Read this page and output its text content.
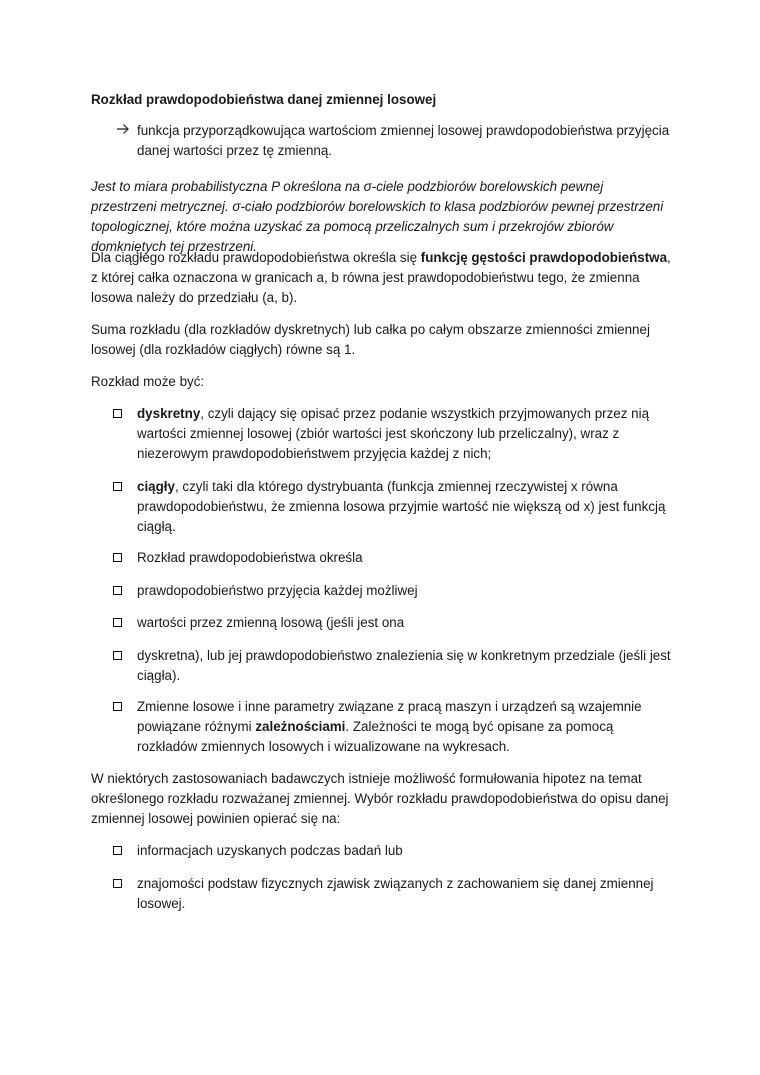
Rozkład prawdopodobieństwa danej zmiennej losowej

funkcja przyporządkowująca wartościom zmiennej losowej prawdopodobieństwa przyjęcia danej wartości przez tę zmienną.

Jest to miara probabilistyczna P określona na σ-ciele podzbiorów borelowskich pewnej przestrzeni metrycznej. σ-ciało podzbiorów borelowskich to klasa podzbiorów pewnej przestrzeni topologicznej, które można uzyskać za pomocą przeliczalnych sum i przekrojów zbiorów domkniętych tej przestrzeni.

Dla ciągłego rozkładu prawdopodobieństwa określa się funkcję gęstości prawdopodobieństwa, z której całka oznaczona w granicach a, b równa jest prawdopodobieństwu tego, że zmienna losowa należy do przedziału (a, b).

Suma rozkładu (dla rozkładów dyskretnych) lub całka po całym obszarze zmienności zmiennej losowej (dla rozkładów ciągłych) równe są 1.

Rozkład może być:

dyskretny, czyli dający się opisać przez podanie wszystkich przyjmowanych przez nią wartości zmiennej losowej (zbiór wartości jest skończony lub przeliczalny), wraz z niezerowym prawdopodobieństwem przyjęcia każdej z nich;
ciągły, czyli taki dla którego dystrybuanta (funkcja zmiennej rzeczywistej x równa prawdopodobieństwu, że zmienna losowa przyjmie wartość nie większą od x) jest funkcją ciągłą.
Rozkład prawdopodobieństwa określa
prawdopodobieństwo przyjęcia każdej możliwej
wartości przez zmienną losową (jeśli jest ona
dyskretna), lub jej prawdopodobieństwo znalezienia się w konkretnym przedziale (jeśli jest ciągła).
Zmienne losowe i inne parametry związane z pracą maszyn i urządzeń są wzajemnie powiązane różnymi zależnościami. Zależności te mogą być opisane za pomocą rozkładów zmiennych losowych i wizualizowane na wykresach.

W niektórych zastosowaniach badawczych istnieje możliwość formułowania hipotez na temat określonego rozkładu rozważanej zmiennej. Wybór rozkładu prawdopodobieństwa do opisu danej zmiennej losowej powinien opierać się na:

informacjach uzyskanych podczas badań lub
znajomości podstaw fizycznych zjawisk związanych z zachowaniem się danej zmiennej losowej.
